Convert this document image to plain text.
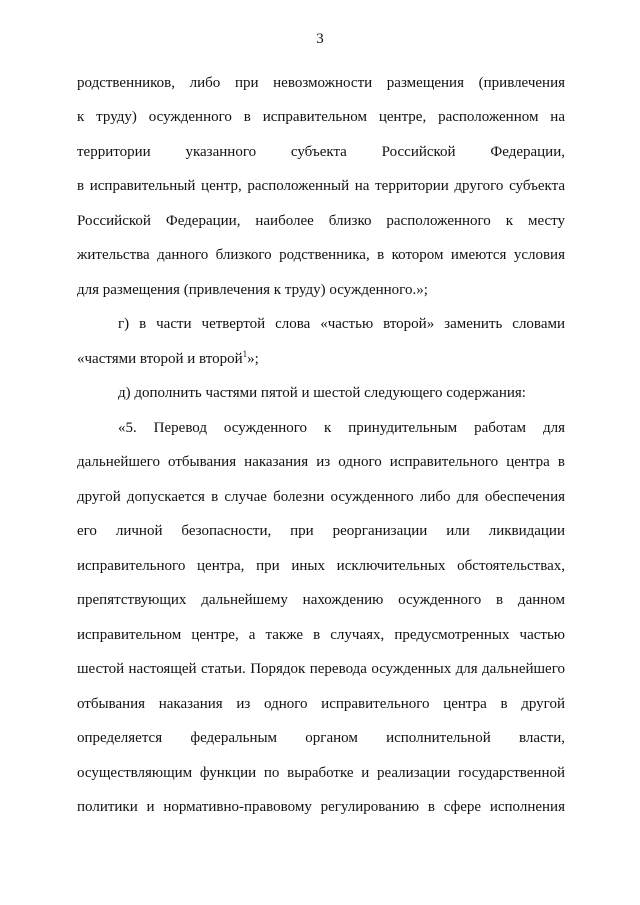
3
родственников, либо при невозможности размещения (привлечения
к труду) осужденного в исправительном центре, расположенном на
территории указанного субъекта Российской Федерации,
в исправительный центр, расположенный на территории другого субъекта
Российской Федерации, наиболее близко расположенного к месту
жительства данного близкого родственника, в котором имеются условия
для размещения (привлечения к труду) осужденного.»;
г) в части четвертой слова «частью второй» заменить словами
«частями второй и второй$^1$»;
д) дополнить частями пятой и шестой следующего содержания:
«5. Перевод осужденного к принудительным работам для
дальнейшего отбывания наказания из одного исправительного центра в
другой допускается в случае болезни осужденного либо для обеспечения
его личной безопасности, при реорганизации или ликвидации
исправительного центра, при иных исключительных обстоятельствах,
препятствующих дальнейшему нахождению осужденного в данном
исправительном центре, а также в случаях, предусмотренных частью
шестой настоящей статьи. Порядок перевода осужденных для дальнейшего
отбывания наказания из одного исправительного центра в другой
определяется федеральным органом исполнительной власти,
осуществляющим функции по выработке и реализации государственной
политики и нормативно-правовому регулированию в сфере исполнения
